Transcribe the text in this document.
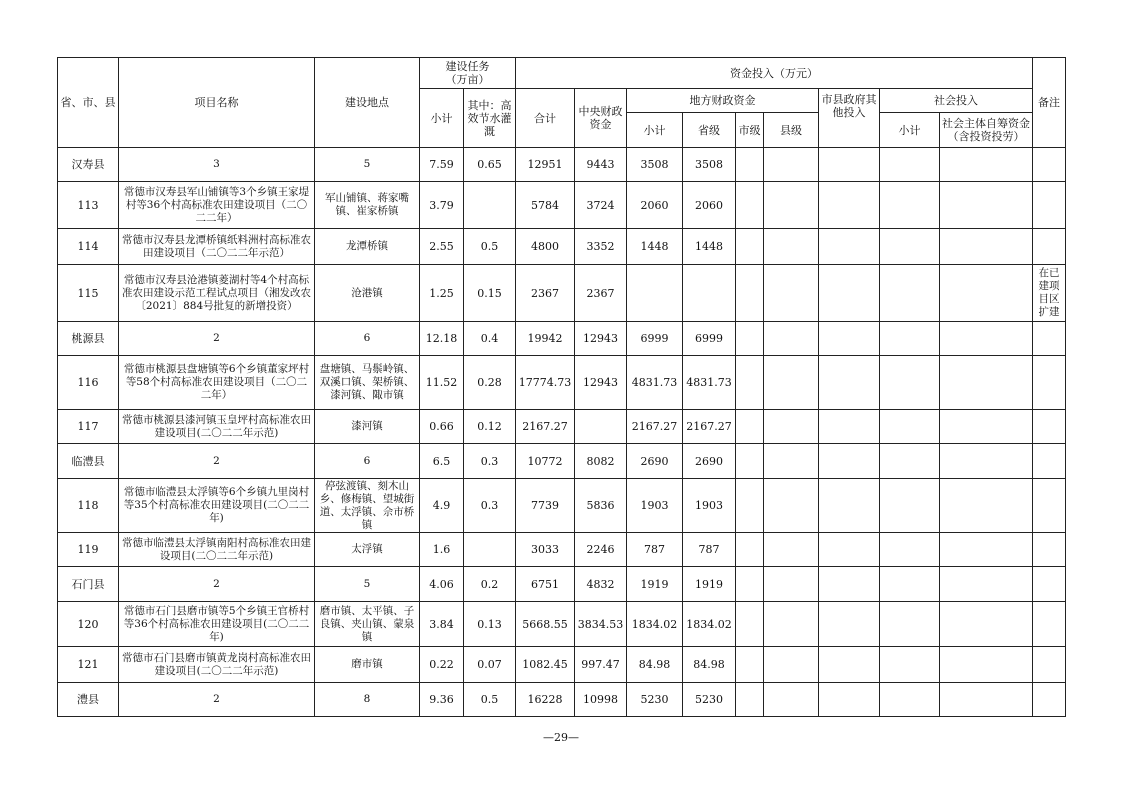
省、市、县	项目名称	建设地点	建设任务
（万亩）		资金投入（万元）									备注
			小计	其中：高效节水灌溉	合计	中央财政资金	地方财政资金				市县政府其他投入	社会投入		
							小计	省级	市级	县级		小计	社会主体自筹资金（含投资投劳）	
汉寿县	3	5	7.59	0.65	12951	9443	3508	3508						
113	常德市汉寿县军山铺镇等3个乡镇王家堤村等36个村高标准农田建设项目（二〇二二年）	军山铺镇、蒋家嘴镇、崔家桥镇	3.79		5784	3724	2060	2060						
114	常德市汉寿县龙潭桥镇纸料洲村高标准农田建设项目（二〇二二年示范）	龙潭桥镇	2.55	0.5	4800	3352	1448	1448						
115	常德市汉寿县沧港镇菱湖村等4个村高标准农田建设示范工程试点项目（湘发改农〔2021〕884号批复的新增投资）	沧港镇	1.25	0.15	2367	2367								在已建项目区扩建
桃源县	2	6	12.18	0.4	19942	12943	6999	6999						
116	常德市桃源县盘塘镇等6个乡镇董家坪村等58个村高标准农田建设项目（二〇二二年）	盘塘镇、马鬃岭镇、双溪口镇、架桥镇、漆河镇、陬市镇	11.52	0.28	17774.73	12943	4831.73	4831.73						
117	常德市桃源县漆河镇玉皇坪村高标准农田建设项目(二〇二二年示范)	漆河镇	0.66	0.12	2167.27		2167.27	2167.27						
临澧县	2	6	6.5	0.3	10772	8082	2690	2690						
118	常德市临澧县太浮镇等6个乡镇九里岗村等35个村高标准农田建设项目(二〇二二年)	停弦渡镇、刻木山乡、修梅镇、望城街道、太浮镇、佘市桥镇	4.9	0.3	7739	5836	1903	1903						
119	常德市临澧县太浮镇南阳村高标准农田建设项目(二〇二二年示范)	太浮镇	1.6		3033	2246	787	787						
石门县	2	5	4.06	0.2	6751	4832	1919	1919						
120	常德市石门县磨市镇等5个乡镇王官桥村等36个村高标准农田建设项目(二〇二二年)	磨市镇、太平镇、子良镇、夹山镇、蒙泉镇	3.84	0.13	5668.55	3834.53	1834.02	1834.02						
121	常德市石门县磨市镇黄龙岗村高标准农田建设项目(二〇二二年示范)	磨市镇	0.22	0.07	1082.45	997.47	84.98	84.98						
澧县	2	8	9.36	0.5	16228	10998	5230	5230						
—29—
